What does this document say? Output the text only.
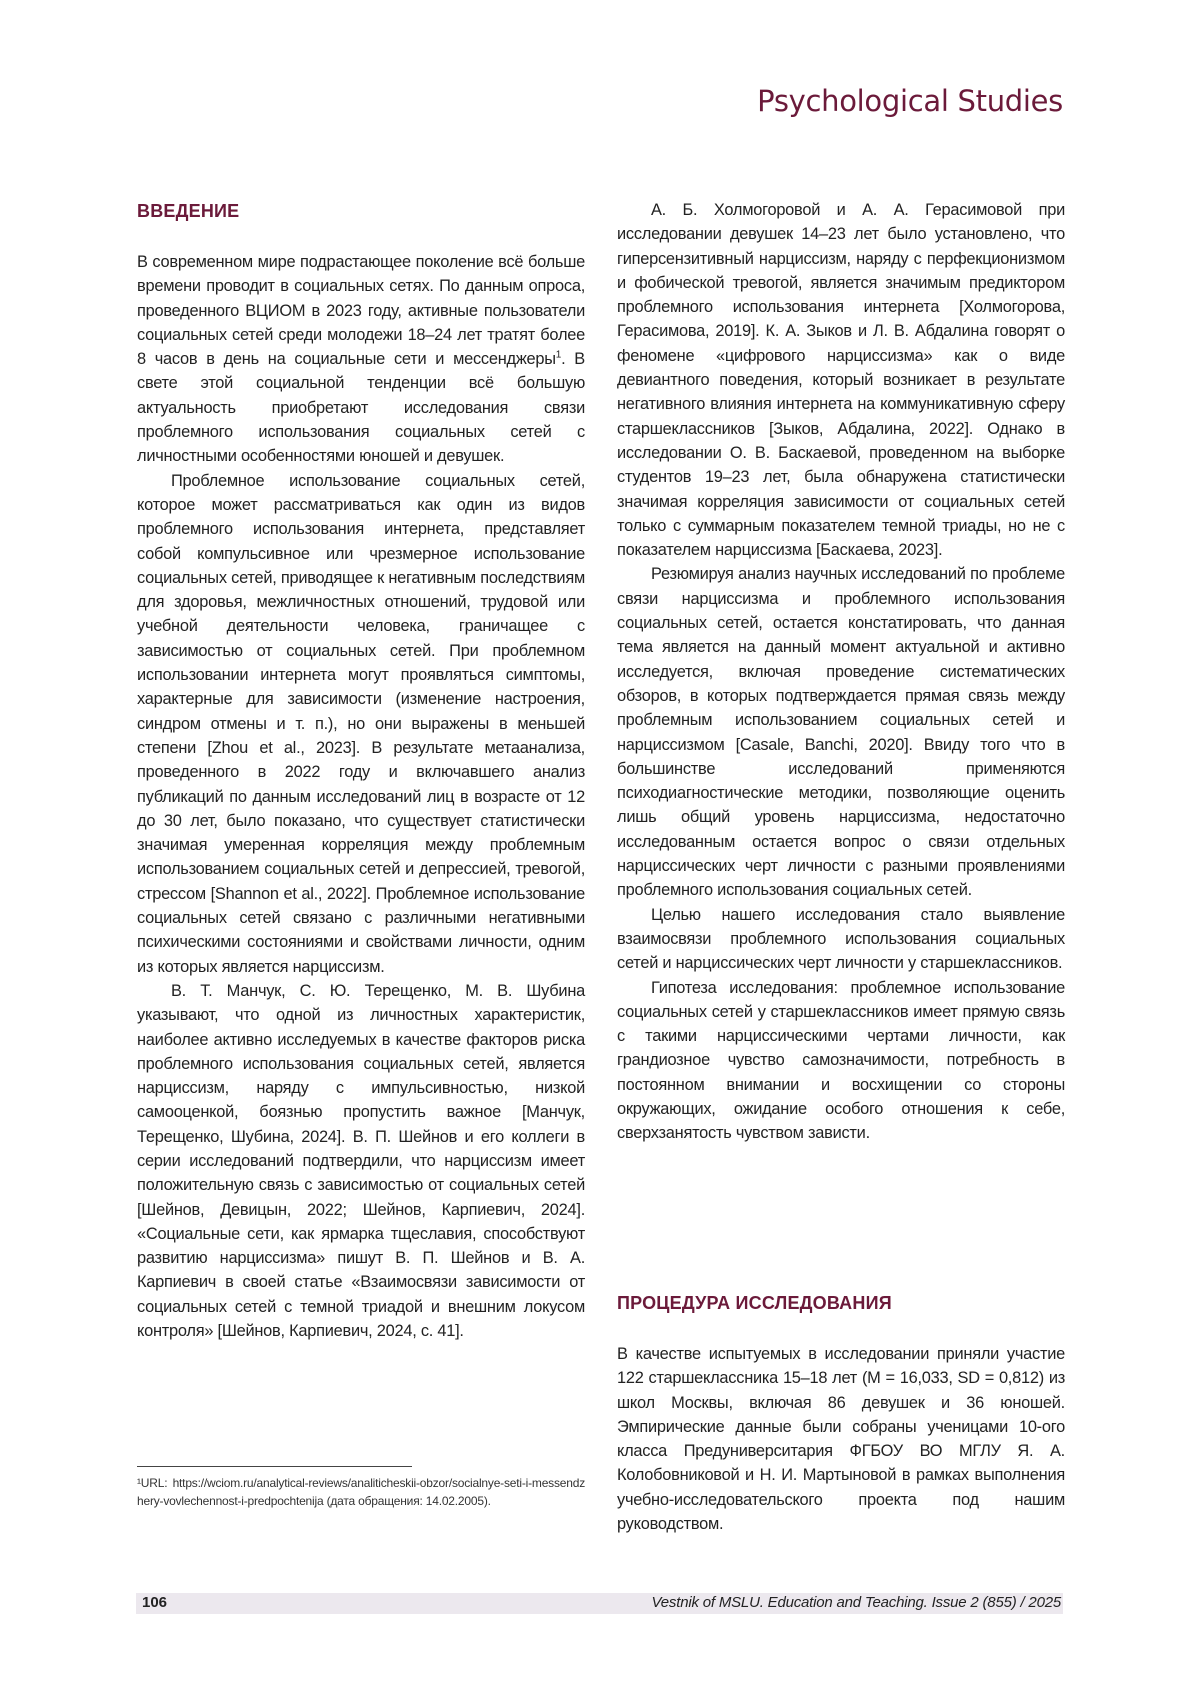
Psychological Studies
ВВЕДЕНИЕ

В современном мире подрастающее поколение всё больше времени проводит в социальных сетях. По данным опроса, проведенного ВЦИОМ в 2023 году, активные пользователи социальных сетей среди молодежи 18–24 лет тратят более 8 часов в день на социальные сети и мессенджеры1. В свете этой социальной тенденции всё большую актуальность приобретают исследования связи проблемного использования социальных сетей с личностными особенностями юношей и девушек.

Проблемное использование социальных сетей, которое может рассматриваться как один из видов проблемного использования интернета, представляет собой компульсивное или чрезмерное использование социальных сетей, приводящее к негативным последствиям для здоровья, межличностных отношений, трудовой или учебной деятельности человека, граничащее с зависимостью от социальных сетей. При проблемном использовании интернета могут проявляться симптомы, характерные для зависимости (изменение настроения, синдром отмены и т. п.), но они выражены в меньшей степени [Zhou et al., 2023]. В результате метаанализа, проведенного в 2022 году и включавшего анализ публикаций по данным исследований лиц в возрасте от 12 до 30 лет, было показано, что существует статистически значимая умеренная корреляция между проблемным использованием социальных сетей и депрессией, тревогой, стрессом [Shannon et al., 2022]. Проблемное использование социальных сетей связано с различными негативными психическими состояниями и свойствами личности, одним из которых является нарциссизм.

В. Т. Манчук, С. Ю. Терещенко, М. В. Шубина указывают, что одной из личностных характеристик, наиболее активно исследуемых в качестве факторов риска проблемного использования социальных сетей, является нарциссизм, наряду с импульсивностью, низкой самооценкой, боязнью пропустить важное [Манчук, Терещенко, Шубина, 2024]. В. П. Шейнов и его коллеги в серии исследований подтвердили, что нарциссизм имеет положительную связь с зависимостью от социальных сетей [Шейнов, Девицын, 2022; Шейнов, Карпиевич, 2024]. «Социальные сети, как ярмарка тщеславия, способствуют развитию нарциссизма» пишут В. П. Шейнов и В. А. Карпиевич в своей статье «Взаимосвязи зависимости от социальных сетей с темной триадой и внешним локусом контроля» [Шейнов, Карпиевич, 2024, с. 41].

А. Б. Холмогоровой и А. А. Герасимовой при исследовании девушек 14–23 лет было установлено, что гиперсензитивный нарциссизм, наряду с перфекционизмом и фобической тревогой, является значимым предиктором проблемного использования интернета [Холмогорова, Герасимова, 2019]. К. А. Зыков и Л. В. Абдалина говорят о феномене «цифрового нарциссизма» как о виде девиантного поведения, который возникает в результате негативного влияния интернета на коммуникативную сферу старшеклассников [Зыков, Абдалина, 2022]. Однако в исследовании О. В. Баскаевой, проведенном на выборке студентов 19–23 лет, была обнаружена статистически значимая корреляция зависимости от социальных сетей только с суммарным показателем темной триады, но не с показателем нарциссизма [Баскаева, 2023].

Резюмируя анализ научных исследований по проблеме связи нарциссизма и проблемного использования социальных сетей, остается констатировать, что данная тема является на данный момент актуальной и активно исследуется, включая проведение систематических обзоров, в которых подтверждается прямая связь между проблемным использованием социальных сетей и нарциссизмом [Casale, Banchi, 2020]. Ввиду того что в большинстве исследований применяются психодиагностические методики, позволяющие оценить лишь общий уровень нарциссизма, недостаточно исследованным остается вопрос о связи отдельных нарциссических черт личности с разными проявлениями проблемного использования социальных сетей.

Целью нашего исследования стало выявление взаимосвязи проблемного использования социальных сетей и нарциссических черт личности у старшеклассников.

Гипотеза исследования: проблемное использование социальных сетей у старшеклассников имеет прямую связь с такими нарциссическими чертами личности, как грандиозное чувство самозначимости, потребность в постоянном внимании и восхищении со стороны окружающих, ожидание особого отношения к себе, сверхзанятость чувством зависти.

ПРОЦЕДУРА ИССЛЕДОВАНИЯ

В качестве испытуемых в исследовании приняли участие 122 старшеклассника 15–18 лет (M = 16,033, SD = 0,812) из школ Москвы, включая 86 девушек и 36 юношей. Эмпирические данные были собраны ученицами 10-ого класса Предуниверситария ФГБОУ ВО МГЛУ Я. А. Колобовниковой и Н. И. Мартыновой в рамках выполнения учебно-исследовательского проекта под нашим руководством.

¹URL: https://wciom.ru/analytical-reviews/analiticheskii-obzor/socialnye-seti-i-messendzhery-vovlechennost-i-predpochtenija (дата обращения: 14.02.2005).
106	Vestnik of MSLU. Education and Teaching. Issue 2 (855) / 2025
